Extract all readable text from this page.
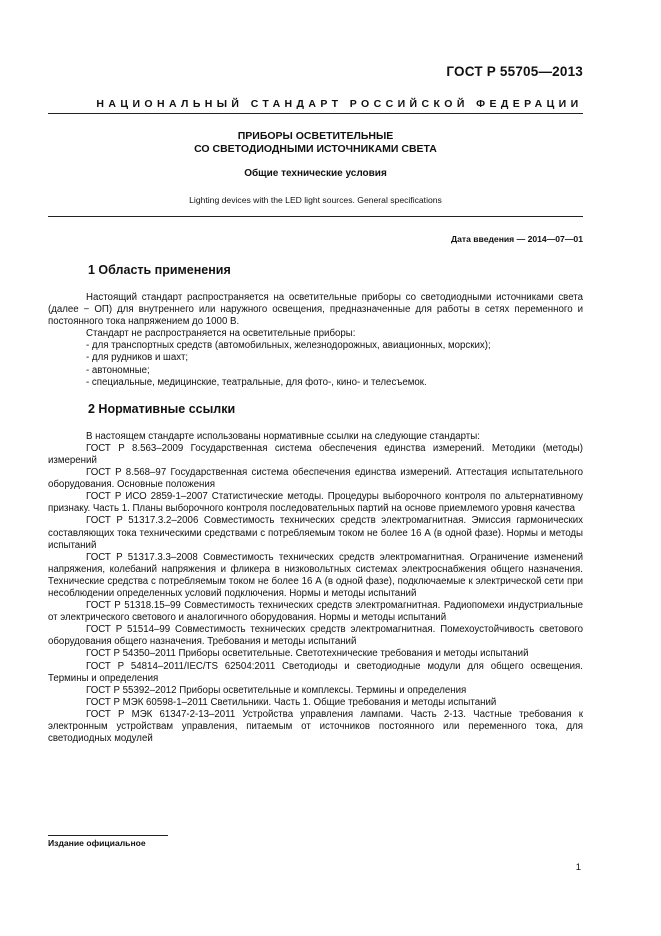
ГОСТ Р 55705—2013
НАЦИОНАЛЬНЫЙ СТАНДАРТ РОССИЙСКОЙ ФЕДЕРАЦИИ
ПРИБОРЫ ОСВЕТИТЕЛЬНЫЕ
СО СВЕТОДИОДНЫМИ ИСТОЧНИКАМИ СВЕТА
Общие технические условия
Lighting devices with the LED light sources. General specifications
Дата введения — 2014—07—01
1 Область применения

Настоящий стандарт распространяется на осветительные приборы со светодиодными источниками света (далее − ОП) для внутреннего или наружного освещения, предназначенные для работы в сетях переменного и постоянного тока напряжением до 1000 В.

Стандарт не распространяется на осветительные приборы:

- для транспортных средств (автомобильных, железнодорожных, авиационных, морских);

- для рудников и шахт;

- автономные;

- специальные, медицинские, театральные, для фото-, кино- и телесъемок.

2 Нормативные ссылки

В настоящем стандарте использованы нормативные ссылки на следующие стандарты:

ГОСТ Р 8.563–2009 Государственная система обеспечения единства измерений. Методики (методы) измерений

ГОСТ Р 8.568–97 Государственная система обеспечения единства измерений. Аттестация испытательного оборудования. Основные положения

ГОСТ Р ИСО 2859-1–2007 Статистические методы. Процедуры выборочного контроля по альтернативному признаку. Часть 1. Планы выборочного контроля последовательных партий на основе приемлемого уровня качества

ГОСТ Р 51317.3.2–2006 Совместимость технических средств электромагнитная. Эмиссия гармонических составляющих тока техническими средствами с потребляемым током не более 16 А (в одной фазе). Нормы и методы испытаний

ГОСТ Р 51317.3.3–2008 Совместимость технических средств электромагнитная. Ограничение изменений напряжения, колебаний напряжения и фликера в низковольтных системах электроснабжения общего назначения. Технические средства с потребляемым током не более 16 А (в одной фазе), подключаемые к электрической сети при несоблюдении определенных условий подключения. Нормы и методы испытаний

ГОСТ Р 51318.15–99 Совместимость технических средств электромагнитная. Радиопомехи индустриальные от электрического светового и аналогичного оборудования. Нормы и методы испытаний

ГОСТ Р 51514–99 Совместимость технических средств электромагнитная. Помехоустойчивость светового оборудования общего назначения. Требования и методы испытаний

ГОСТ Р 54350–2011 Приборы осветительные. Светотехнические требования и методы испытаний

ГОСТ Р 54814–2011/IEC/TS 62504:2011 Светодиоды и светодиодные модули для общего освещения. Термины и определения

ГОСТ Р 55392–2012 Приборы осветительные и комплексы. Термины и определения

ГОСТ Р МЭК 60598-1–2011 Светильники. Часть 1. Общие требования и методы испытаний

ГОСТ Р МЭК 61347-2-13–2011 Устройства управления лампами. Часть 2-13. Частные требования к электронным устройствам управления, питаемым от источников постоянного или переменного тока, для светодиодных модулей

Издание официальное
1
